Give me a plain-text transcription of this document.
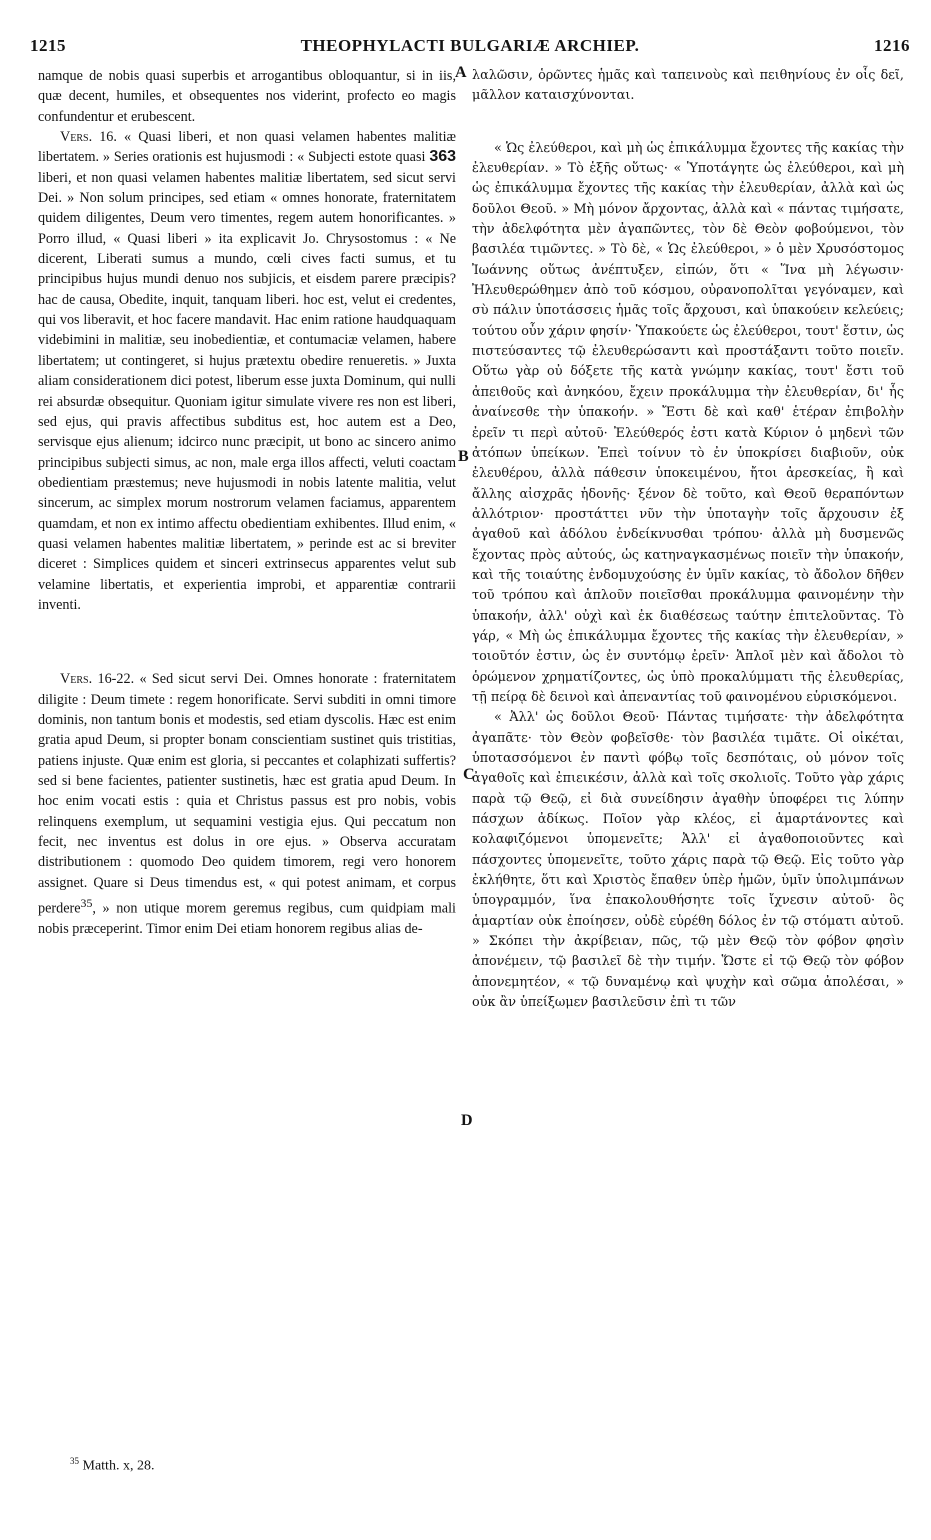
1215	THEOPHYLACTI BULGARIÆ ARCHIEP.	1216

namque de nobis quasi superbis et arrogantibus obloquantur, si in iis, quæ decent, humiles, et obsequentes nos viderint, profecto eo magis confundentur et erubescent.

Vers. 16. « Quasi liberi, et non quasi velamen habentes malitiæ libertatem. » Series orationis est hujusmodi : « Subjecti estote quasi 363 liberi, et non quasi velamen habentes malitiæ libertatem, sed sicut servi Dei. » Non solum principes, sed etiam « omnes honorate, fraternitatem quidem diligentes, Deum vero timentes, regem autem honorificantes. » Porro illud, « Quasi liberi » ita explicavit Jo. Chrysostomus : « Ne dicerent, Liberati sumus a mundo, cœli cives facti sumus, et tu principibus hujus mundi denuo nos subjicis, et eisdem parere præcipis? hac de causa, Obedite, inquit, tanquam liberi. hoc est, velut ei credentes, qui vos liberavit, et hoc facere mandavit. Hac enim ratione haudquaquam videbimini in malitiæ, seu inobedientiæ, et contumaciæ velamen, habere libertatem; ut contingeret, si hujus prætextu obedire renueretis. » Juxta aliam considerationem dici potest, liberum esse juxta Dominum, qui nulli rei absurdæ obsequitur. Quoniam igitur simulate vivere res non est liberi, sed ejus, qui pravis affectibus subditus est, hoc autem est a Deo, servisque ejus alienum; idcirco nunc præcipit, ut bono ac sincero animo principibus subjecti simus, ac non, male erga illos affecti, veluti coactam obedientiam præstemus; neve hujusmodi in nobis latente malitia, velut sincerum, ac simplex morum nostrorum velamen faciamus, apparentem quamdam, et non ex intimo affectu obedientiam exhibentes. Illud enim, « quasi velamen habentes malitiæ libertatem, » perinde est ac si breviter diceret : Simplices quidem et sinceri extrinsecus apparentes velut sub velamine libertatis, et experientia improbi, et apparentiæ contrarii inventi.

Vers. 16-22. « Sed sicut servi Dei. Omnes honorate : fraternitatem diligite : Deum timete : regem honorificate. Servi subditi in omni timore dominis, non tantum bonis et modestis, sed etiam dyscolis. Hæc est enim gratia apud Deum, si propter bonam conscientiam sustinet quis tristitias, patiens injuste. Quæ enim est gloria, si peccantes et colaphizati suffertis? sed si bene facientes, patienter sustinetis, hæc est gratia apud Deum. In hoc enim vocati estis : quia et Christus passus est pro nobis, vobis relinquens exemplum, ut sequamini vestigia ejus. Qui peccatum non fecit, nec inventus est dolus in ore ejus. » Observa accuratam distributionem : quomodo Deo quidem timorem, regi vero honorem assignet. Quare si Deus timendus est, « qui potest animam, et corpus perdere$^{35}$, » non utique morem geremus regibus, cum quidpiam mali nobis præceperint. Timor enim Dei etiam honorem regibus alias de-

λαλῶσιν, ὁρῶντες ἡμᾶς καὶ ταπεινοὺς καὶ πειθηνίους ἐν οἷς δεῖ, μᾶλλον καταισχύνονται.

« Ὡς ἐλεύθεροι, καὶ μὴ ὡς ἐπικάλυμμα ἔχοντες τῆς κακίας τὴν ἐλευθερίαν. » Τὸ ἑξῆς οὕτως· « Ὑποτάγητε ὡς ἐλεύθεροι, καὶ μὴ ὡς ἐπικάλυμμα ἔχοντες τῆς κακίας τὴν ἐλευθερίαν, ἀλλὰ καὶ ὡς δοῦλοι Θεοῦ. » Μὴ μόνον ἄρχοντας, ἀλλὰ καὶ « πάντας τιμήσατε, τὴν ἀδελφότητα μὲν ἀγαπῶντες, τὸν δὲ Θεὸν φοβούμενοι, τὸν βασιλέα τιμῶντες. » Τὸ δὲ, « Ὡς ἐλεύθεροι, » ὁ μὲν Χρυσόστομος Ἰωάννης οὕτως ἀνέπτυξεν, εἰπών, ὅτι « Ἵνα μὴ λέγωσιν· Ἠλευθερώθημεν ἀπὸ τοῦ κόσμου, οὐρανοπολῖται γεγόναμεν, καὶ σὺ πάλιν ὑποτάσσεις ἡμᾶς τοῖς ἄρχουσι, καὶ ὑπακούειν κελεύεις; τούτου οὖν χάριν φησίν· Ὑπακούετε ὡς ἐλεύθεροι, τουτ' ἔστιν, ὡς πιστεύσαντες τῷ ἐλευθερώσαντι καὶ προστάξαντι τοῦτο ποιεῖν. Οὕτω γὰρ οὐ δόξετε τῆς κατὰ γνώμην κακίας, τουτ' ἔστι τοῦ ἀπειθοῦς καὶ ἀνηκόου, ἔχειν προκάλυμμα τὴν ἐλευθερίαν, δι' ἧς ἀναίνεσθε τὴν ὑπακοήν. » Ἔστι δὲ καὶ καθ' ἑτέραν ἐπιβολὴν ἐρεῖν τι περὶ αὐτοῦ· Ἐλεύθερός ἐστι κατὰ Κύριον ὁ μηδενὶ τῶν ἀτόπων ὑπείκων. Ἐπεὶ τοίνυν τὸ ἐν ὑποκρίσει διαβιοῦν, οὐκ ἐλευθέρου, ἀλλὰ πάθεσιν ὑποκειμένου, ἤτοι ἀρεσκείας, ἢ καὶ ἄλλης αἰσχρᾶς ἡδονῆς· ξένον δὲ τοῦτο, καὶ Θεοῦ θεραπόντων ἀλλότριον· προστάττει νῦν τὴν ὑποταγὴν τοῖς ἄρχουσιν ἐξ ἀγαθοῦ καὶ ἀδόλου ἐνδείκνυσθαι τρόπου· ἀλλὰ μὴ δυσμενῶς ἔχοντας πρὸς αὐτούς, ὡς κατηναγκασμένως ποιεῖν τὴν ὑπακοήν, καὶ τῆς τοιαύτης ἐνδομυχούσης ἐν ὑμῖν κακίας, τὸ ἄδολον δῆθεν τοῦ τρόπου καὶ ἁπλοῦν ποιεῖσθαι προκάλυμμα φαινομένην τὴν ὑπακοήν, ἀλλ' οὐχὶ καὶ ἐκ διαθέσεως ταύτην ἐπιτελοῦντας. Τὸ γάρ, « Μὴ ὡς ἐπικάλυμμα ἔχοντες τῆς κακίας τὴν ἐλευθερίαν, » τοιοῦτόν ἐστιν, ὡς ἐν συντόμῳ ἐρεῖν· Ἁπλοῖ μὲν καὶ ἄδολοι τὸ ὁρώμενον χρηματίζοντες, ὡς ὑπὸ προκαλύμματι τῆς ἐλευθερίας, τῇ πείρᾳ δὲ δεινοὶ καὶ ἀπεναντίας τοῦ φαινομένου εὑρισκόμενοι.

« Ἀλλ' ὡς δοῦλοι Θεοῦ· Πάντας τιμήσατε· τὴν ἀδελφότητα ἀγαπᾶτε· τὸν Θεὸν φοβεῖσθε· τὸν βασιλέα τιμᾶτε. Οἱ οἰκέται, ὑποτασσόμενοι ἐν παντὶ φόβῳ τοῖς δεσπόταις, οὐ μόνον τοῖς ἀγαθοῖς καὶ ἐπιεικέσιν, ἀλλὰ καὶ τοῖς σκολιοῖς. Τοῦτο γὰρ χάρις παρὰ τῷ Θεῷ, εἰ διὰ συνείδησιν ἀγαθὴν ὑποφέρει τις λύπην πάσχων ἀδίκως. Ποῖον γὰρ κλέος, εἰ ἁμαρτάνοντες καὶ κολαφιζόμενοι ὑπομενεῖτε; Ἀλλ' εἰ ἀγαθοποιοῦντες καὶ πάσχοντες ὑπομενεῖτε, τοῦτο χάρις παρὰ τῷ Θεῷ. Εἰς τοῦτο γὰρ ἐκλήθητε, ὅτι καὶ Χριστὸς ἔπαθεν ὑπὲρ ἡμῶν, ὑμῖν ὑπολιμπάνων ὑπογραμμόν, ἵνα ἐπακολουθήσητε τοῖς ἴχνεσιν αὐτοῦ· ὃς ἁμαρτίαν οὐκ ἐποίησεν, οὐδὲ εὑρέθη δόλος ἐν τῷ στόματι αὐτοῦ. » Σκόπει τὴν ἀκρίβειαν, πῶς, τῷ μὲν Θεῷ τὸν φόβον φησὶν ἀπονέμειν, τῷ βασιλεῖ δὲ τὴν τιμήν. Ὥστε εἰ τῷ Θεῷ τὸν φόβον ἀπονεμητέον, « τῷ δυναμένῳ καὶ ψυχὴν καὶ σῶμα ἀπολέσαι, » οὐκ ἂν ὑπείξωμεν βασιλεῦσιν ἐπὶ τι τῶν

A
B
C
D
$^{35}$ Matth. x, 28.
